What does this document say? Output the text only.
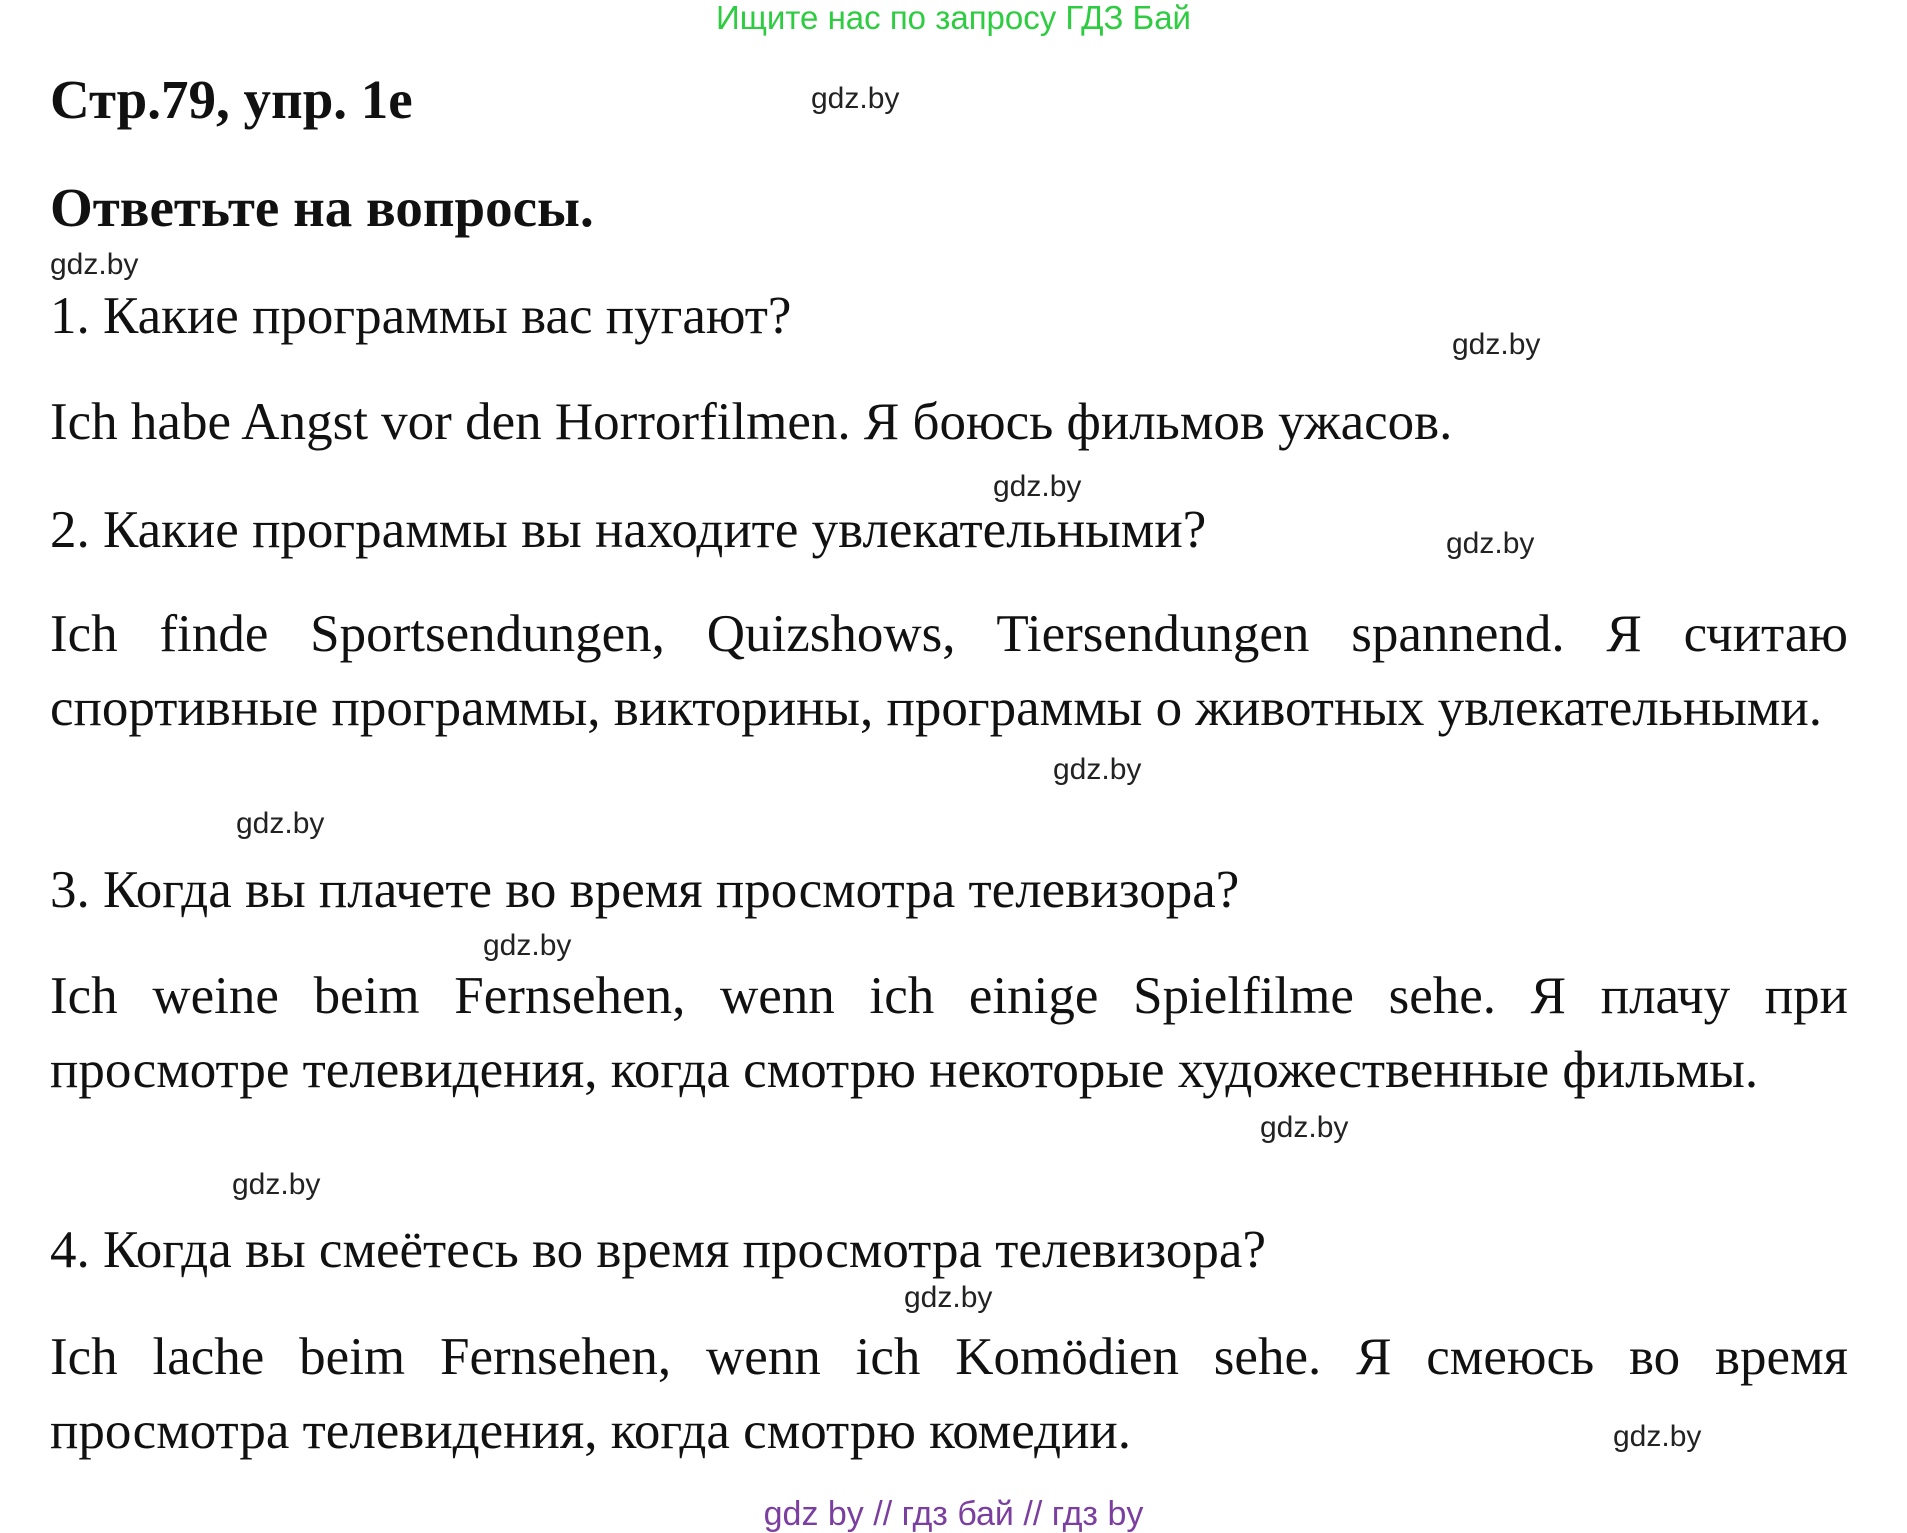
Ищите нас по запросу ГДЗ Бай
Стр.79, упр. 1е	gdz.by
Ответьте на вопросы.
gdz.by
1. Какие программы вас пугают?	gdz.by
Ich habe Angst vor den Horrorfilmen. Я боюсь фильмов ужасов.
gdz.by
2. Какие программы вы находите увлекательными?	gdz.by
Ich finde Sportsendungen, Quizshows, Tiersendungen spannend. Я считаю спортивные программы, викторины, программы о животных увлекательными.
gdz.by
gdz.by
3. Когда вы плачете во время просмотра телевизора?
gdz.by
Ich weine beim Fernsehen, wenn ich einige Spielfilme sehe. Я плачу при просмотре телевидения, когда смотрю некоторые художественные фильмы.
gdz.by
gdz.by
4. Когда вы смеётесь во время просмотра телевизора?
gdz.by
Ich lache beim Fernsehen, wenn ich Komödien sehe. Я смеюсь во время просмотра телевидения, когда смотрю комедии.	gdz.by
gdz by // гдз бай // гдз by
